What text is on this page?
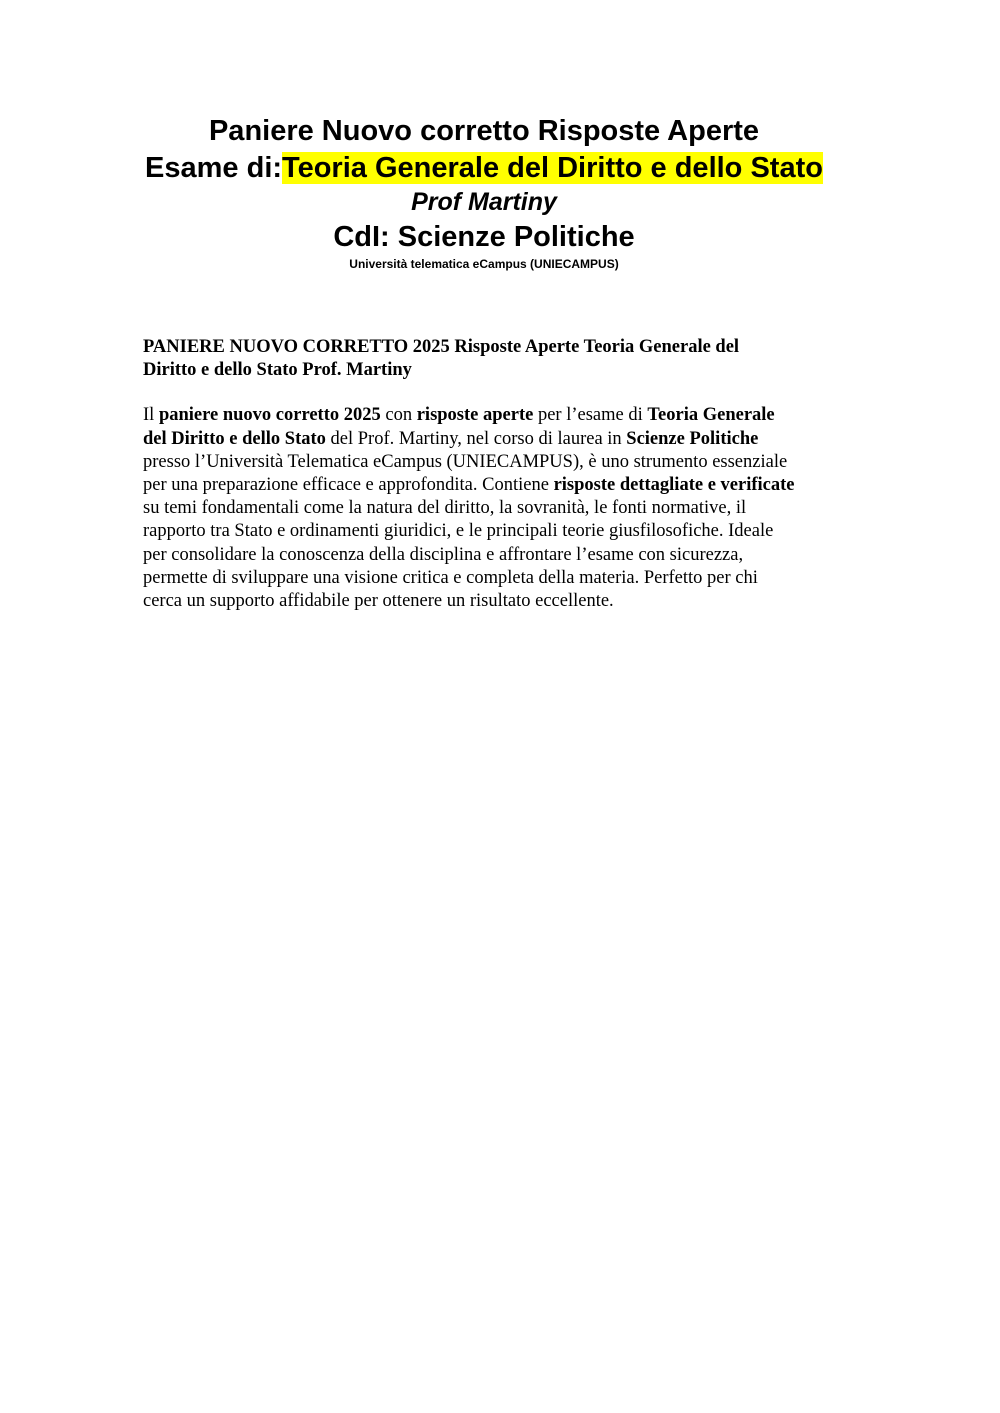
Paniere Nuovo corretto Risposte Aperte
Esame di:Teoria Generale del Diritto e dello Stato
Prof Martiny
CdI: Scienze Politiche
Università telematica eCampus (UNIECAMPUS)

PANIERE NUOVO CORRETTO 2025 Risposte Aperte Teoria Generale del
Diritto e dello Stato Prof. Martiny

Il paniere nuovo corretto 2025 con risposte aperte per l’esame di Teoria Generale
del Diritto e dello Stato del Prof. Martiny, nel corso di laurea in Scienze Politiche
presso l’Università Telematica eCampus (UNIECAMPUS), è uno strumento essenziale
per una preparazione efficace e approfondita. Contiene risposte dettagliate e verificate
su temi fondamentali come la natura del diritto, la sovranità, le fonti normative, il
rapporto tra Stato e ordinamenti giuridici, e le principali teorie giusfilosofiche. Ideale
per consolidare la conoscenza della disciplina e affrontare l’esame con sicurezza,
permette di sviluppare una visione critica e completa della materia. Perfetto per chi
cerca un supporto affidabile per ottenere un risultato eccellente.
